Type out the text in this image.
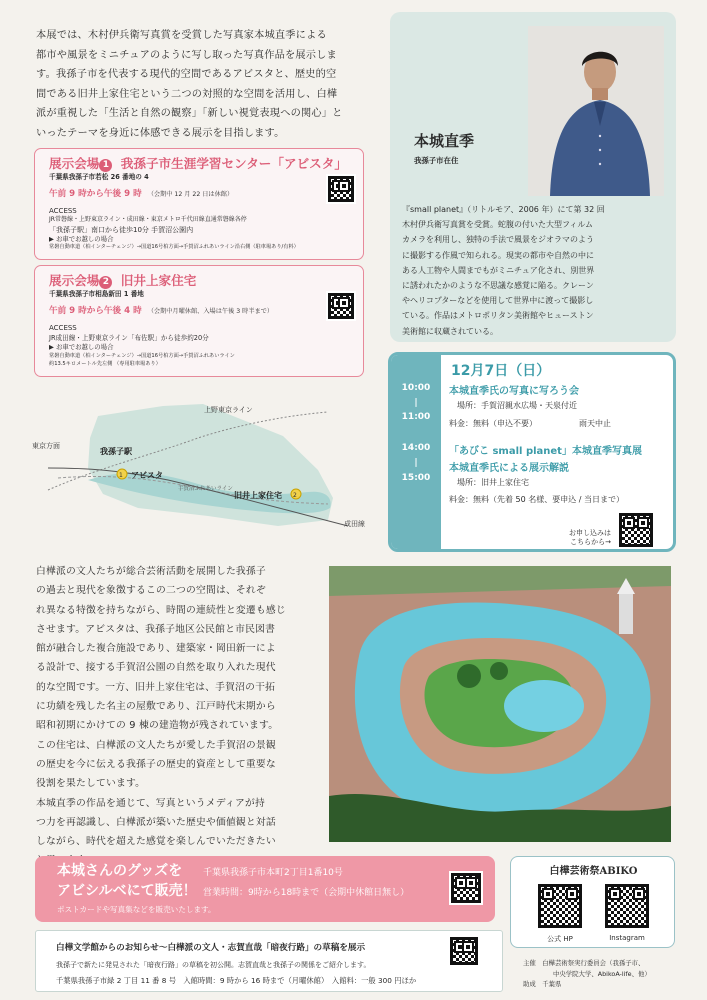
本展では、木村伊兵衛写真賞を受賞した写真家本城直季による
都市や風景をミニチュアのように写し取った写真作品を展示しま
す。我孫子市を代表する現代的空間であるアビスタと、歴史的空
間である旧井上家住宅という二つの対照的な空間を活用し、白樺
派が重視した「生活と自然の観察」「新しい視覚表現への関心」と
いったテーマを身近に体感できる展示を目指します。
展示会場 1 我孫子市生涯学習センター「アビスタ」
千葉県我孫子市若松 26 番地の 4
午前 9 時から午後 9 時 （会期中 12 月 22 日は休館）
ACCESS
JR常磐線・上野東京ライン・成田線・東京メトロ千代田線直通常磐線各停
「我孫子駅」南口から徒歩10分 手賀沼公園内
▶ お車でお越しの場合
常磐自動車道（柏インターチェンジ）→国道16号柏方面→手賀沼ふれあいライン沿右側（駐車場あり/有料）
展示会場 2 旧井上家住宅
千葉県我孫子市相島新田 1 番地
午前 9 時から午後 4 時 （会期中月曜休館、入場は午後 3 時半まで）
ACCESS
JR成田線・上野東京ライン「布佐駅」から徒歩約20分
▶ お車でお越しの場合
常磐自動車道（柏インターチェンジ）→国道16号柏方面→手賀沼ふれあいライン
約13.5キロメートル先左側 （専用駐車場あり）
上野東京ライン
東京方面
我孫子駅
1 アビスタ
手賀沼ふれあいライン
旧井上家住宅 2
成田線
本城直季
我孫子市在住
『small planet』（リトルモア、2006 年）にて第 32 回
木村伊兵衛写真賞を受賞。蛇腹の付いた大型フィルム
カメラを利用し、独特の手法で風景をジオラマのよう
に撮影する作風で知られる。現実の都市や自然の中に
ある人工物や人間までもがミニチュア化され、別世界
に誘われたかのような不思議な感覚に陥る。クレーン
やヘリコプターなどを使用して世界中に渡って撮影し
ている。作品はメトロポリタン美術館やヒューストン
美術館に収蔵されている。
12月7日（日）
10:00
|
11:00
本城直季氏の写真に写ろう会
場所：手賀沼親水広場・天泉付近
料金：無料（申込不要）	雨天中止
14:00
|
15:00
「あびこ small planet」本城直季写真展
本城直季氏による展示解説
場所：旧井上家住宅
料金：無料（先着 50 名様、要申込 / 当日まで）
お申し込みは
こちらから→
白樺派の文人たちが総合芸術活動を展開した我孫子
の過去と現代を象徴するこの二つの空間は、それぞ
れ異なる特徴を持ちながら、時間の連続性と変遷も感じ
させます。アビスタは、我孫子地区公民館と市民図書
館が融合した複合施設であり、建築家・岡田新一によ
る設計で、接する手賀沼公園の自然を取り入れた現代
的な空間です。一方、旧井上家住宅は、手賀沼の干拓
に功績を残した名主の屋敷であり、江戸時代末期から
昭和初期にかけての 9 棟の建造物が残されています。
この住宅は、白樺派の文人たちが愛した手賀沼の景観
の歴史を今に伝える我孫子の歴史的資産として重要な
役割を果たしています。
本城直季の作品を通じて、写真というメディアが持
つ力を再認識し、白樺派が築いた歴史や価値観と対話
しながら、時代を超えた感覚を楽しんでいただきたい
本城さんのグッズを
アビシルベにて販売！
千葉県我孫子市本町2丁目1番10号
営業時間：9時から18時まで（会期中休館日無し）
ポストカードや写真集などを販売いたします。
白樺文学館からのお知らせ～白樺派の文人・志賀直哉「暗夜行路」の草稿を展示
我孫子で新たに発見された「暗夜行路」の草稿を初公開。志賀直哉と我孫子の関係をご紹介します。
千葉県我孫子市緑 2 丁目 11 番 8 号　入館時間：9 時から 16 時まで（月曜休館）　入館料：一般 300 円ほか
白樺芸術祭ABIKO
公式 HP	Instagram
主催　 白樺芸術祭実行委員会（我孫子市、
中央学院大学、AbikoA-life、他）
助成　 千葉県
